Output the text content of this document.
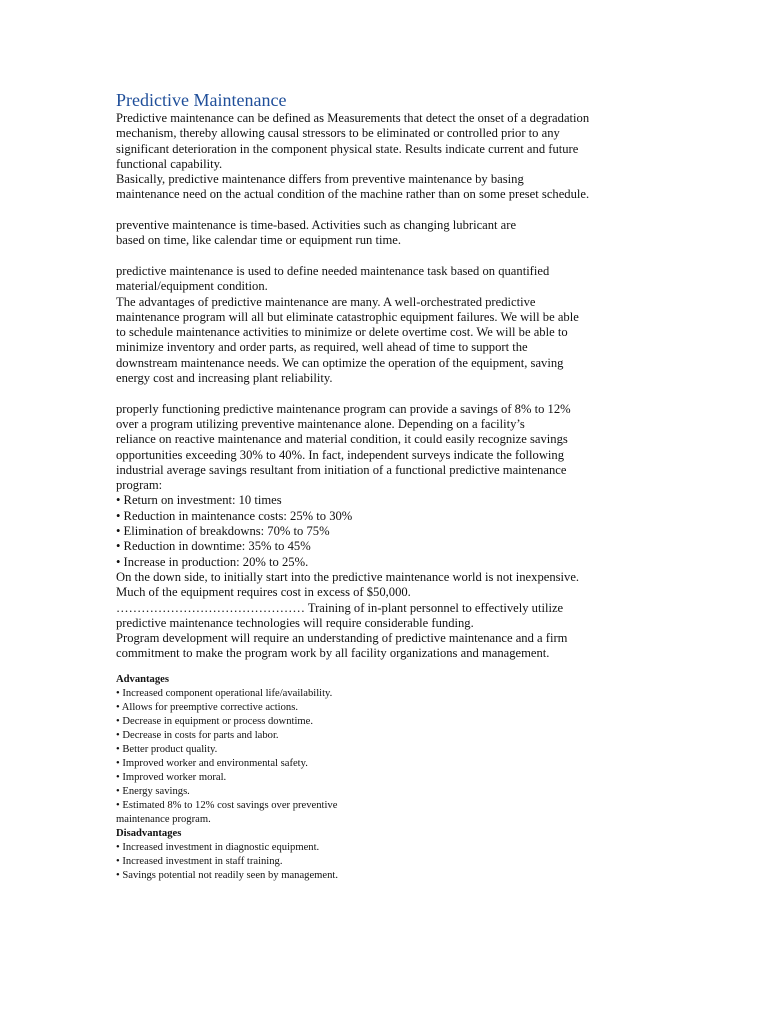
Predictive Maintenance

Predictive maintenance can be defined as Measurements that detect the onset of a degradation

mechanism, thereby allowing causal stressors to be eliminated or controlled prior to any

significant deterioration in the component physical state. Results indicate current and future

functional capability.

Basically, predictive maintenance differs from preventive maintenance by basing

maintenance need on the actual condition of the machine rather than on some preset schedule.

preventive maintenance is time-based. Activities such as changing lubricant are

based on time, like calendar time or equipment run time.

predictive maintenance is used to define needed maintenance task based on quantified

material/equipment condition.

The advantages of predictive maintenance are many. A well-orchestrated predictive

maintenance program will all but eliminate catastrophic equipment failures. We will be able

to schedule maintenance activities to minimize or delete overtime cost. We will be able to

minimize inventory and order parts, as required, well ahead of time to support the

downstream maintenance needs. We can optimize the operation of the equipment, saving

energy cost and increasing plant reliability.

properly functioning predictive maintenance program can provide a savings of 8% to 12%

over a program utilizing preventive maintenance alone. Depending on a facility’s

reliance on reactive maintenance and material condition, it could easily recognize savings

opportunities exceeding 30% to 40%. In fact, independent surveys indicate the following

industrial average savings resultant from initiation of a functional predictive maintenance

program:

• Return on investment: 10 times

• Reduction in maintenance costs: 25% to 30%

• Elimination of breakdowns: 70% to 75%

• Reduction in downtime: 35% to 45%

• Increase in production: 20% to 25%.

On the down side, to initially start into the predictive maintenance world is not inexpensive.

Much of the equipment requires cost in excess of $50,000.

……………………………………… Training of in-plant personnel to effectively utilize

predictive maintenance technologies will require considerable funding.

Program development will require an understanding of predictive maintenance and a firm

commitment to make the program work by all facility organizations and management.

Advantages

• Increased component operational life/availability.

• Allows for preemptive corrective actions.

• Decrease in equipment or process downtime.

• Decrease in costs for parts and labor.

• Better product quality.

• Improved worker and environmental safety.

• Improved worker moral.

• Energy savings.

• Estimated 8% to 12% cost savings over preventive

maintenance program.

Disadvantages

• Increased investment in diagnostic equipment.

• Increased investment in staff training.

• Savings potential not readily seen by management.
